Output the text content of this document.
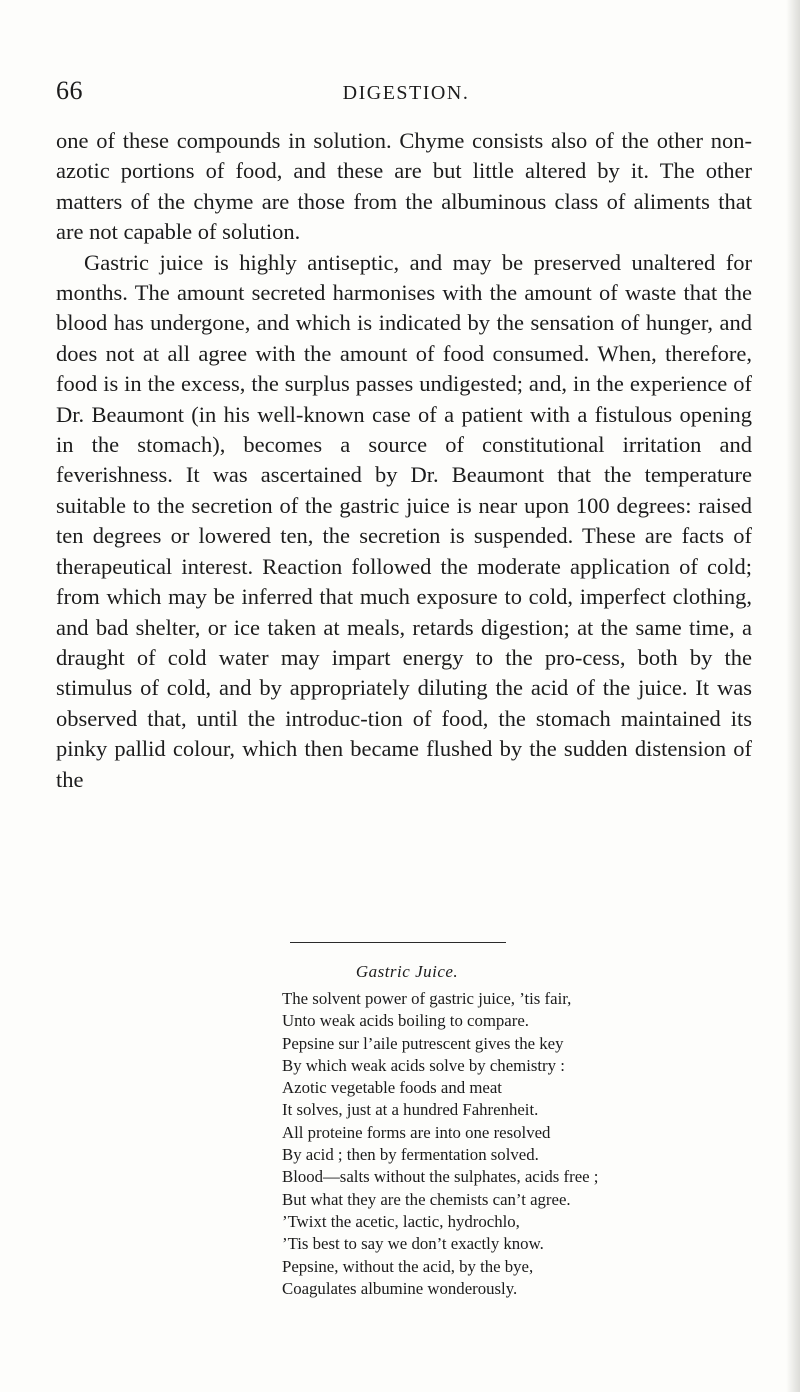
66	DIGESTION.

one of these compounds in solution. Chyme consists also of the other non-azotic portions of food, and these are but little altered by it. The other matters of the chyme are those from the albuminous class of aliments that are not capable of solution.

Gastric juice is highly antiseptic, and may be preserved unaltered for months. The amount secreted harmonises with the amount of waste that the blood has undergone, and which is indicated by the sensation of hunger, and does not at all agree with the amount of food consumed. When, therefore, food is in the excess, the surplus passes undigested; and, in the experience of Dr. Beaumont (in his well-known case of a patient with a fistulous opening in the stomach), becomes a source of constitutional irritation and feverishness. It was ascertained by Dr. Beaumont that the temperature suitable to the secretion of the gastric juice is near upon 100 degrees: raised ten degrees or lowered ten, the secretion is suspended. These are facts of therapeutical interest. Reaction followed the moderate application of cold; from which may be inferred that much exposure to cold, imperfect clothing, and bad shelter, or ice taken at meals, retards digestion; at the same time, a draught of cold water may impart energy to the pro-cess, both by the stimulus of cold, and by appropriately diluting the acid of the juice. It was observed that, until the introduc-tion of food, the stomach maintained its pinky pallid colour, which then became flushed by the sudden distension of the

Gastric Juice.
The solvent power of gastric juice, ’tis fair,
Unto weak acids boiling to compare.
Pepsine sur l’aile putrescent gives the key
By which weak acids solve by chemistry :
Azotic vegetable foods and meat
It solves, just at a hundred Fahrenheit.
All proteine forms are into one resolved
By acid ; then by fermentation solved.
Blood—salts without the sulphates, acids free ;
But what they are the chemists can’t agree.
’Twixt the acetic, lactic, hydrochlo,
’Tis best to say we don’t exactly know.
Pepsine, without the acid, by the bye,
Coagulates albumine wonderously.
